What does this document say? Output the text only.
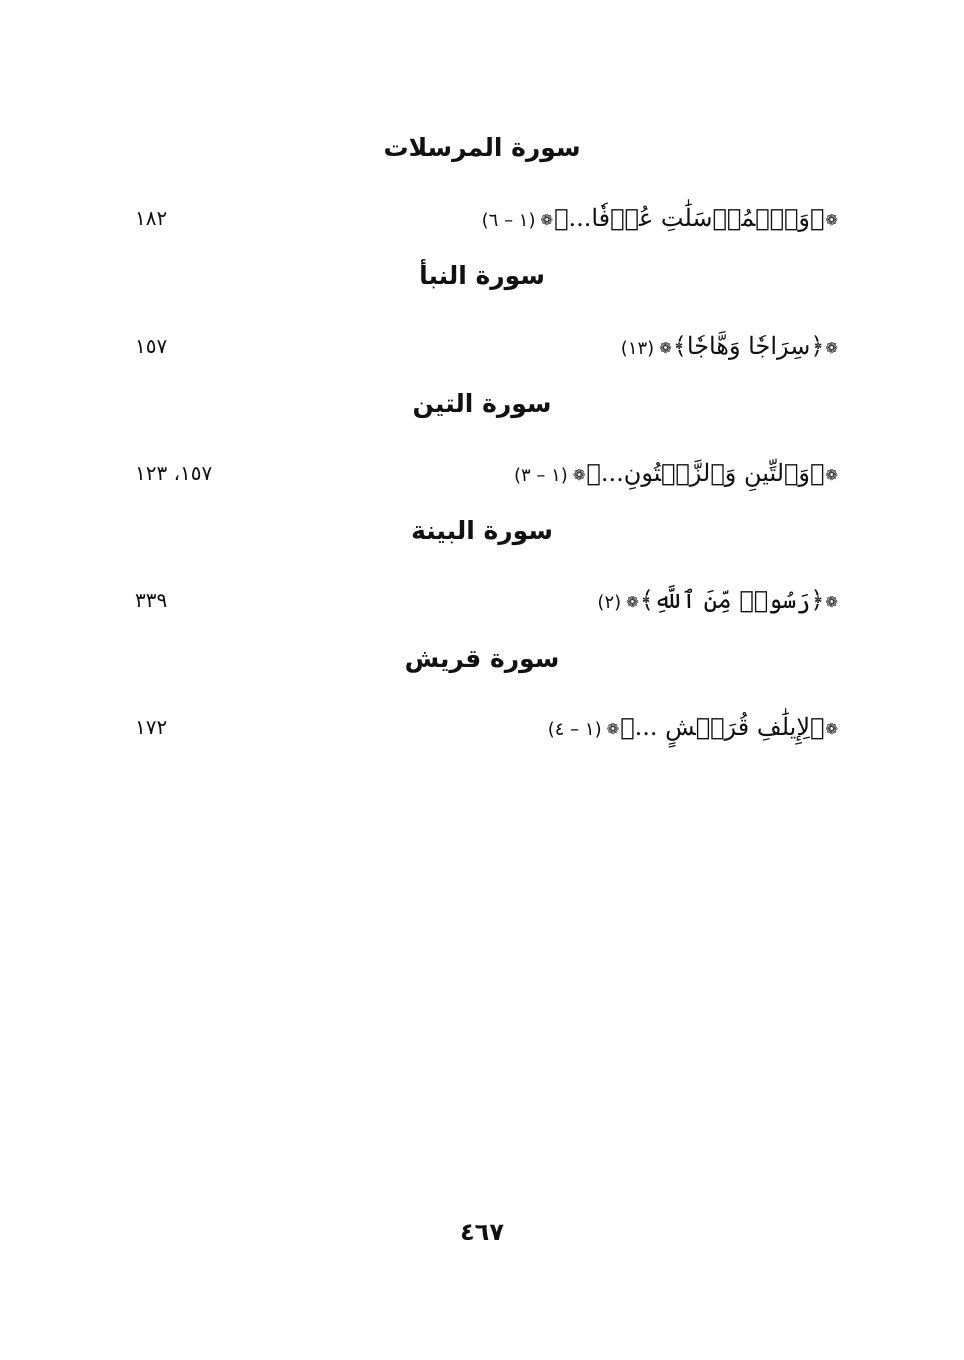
سورة المرسلات
❁﴿وَٱلۡمُرۡسَلَٰتِ عُرۡفٗا...﴾❁(١ – ٦)
١٨٢
سورة النبأ
❁﴿سِرَاجٗا وَهَّاجٗا﴾❁(١٣)
١٥٧
سورة التين
❁﴿وَٱلتِّينِ وَٱلزَّيۡتُونِ...﴾❁(١ – ٣)
١٥٧، ١٢٣
سورة البينة
❁﴿رَسُولٞ مِّنَ ٱللَّهِ﴾❁(٢)
٣٣٩
سورة قريش
❁﴿لِإِيلَٰفِ قُرَيۡشٍ ...﴾❁(١ – ٤)
١٧٢
٤٦٧
